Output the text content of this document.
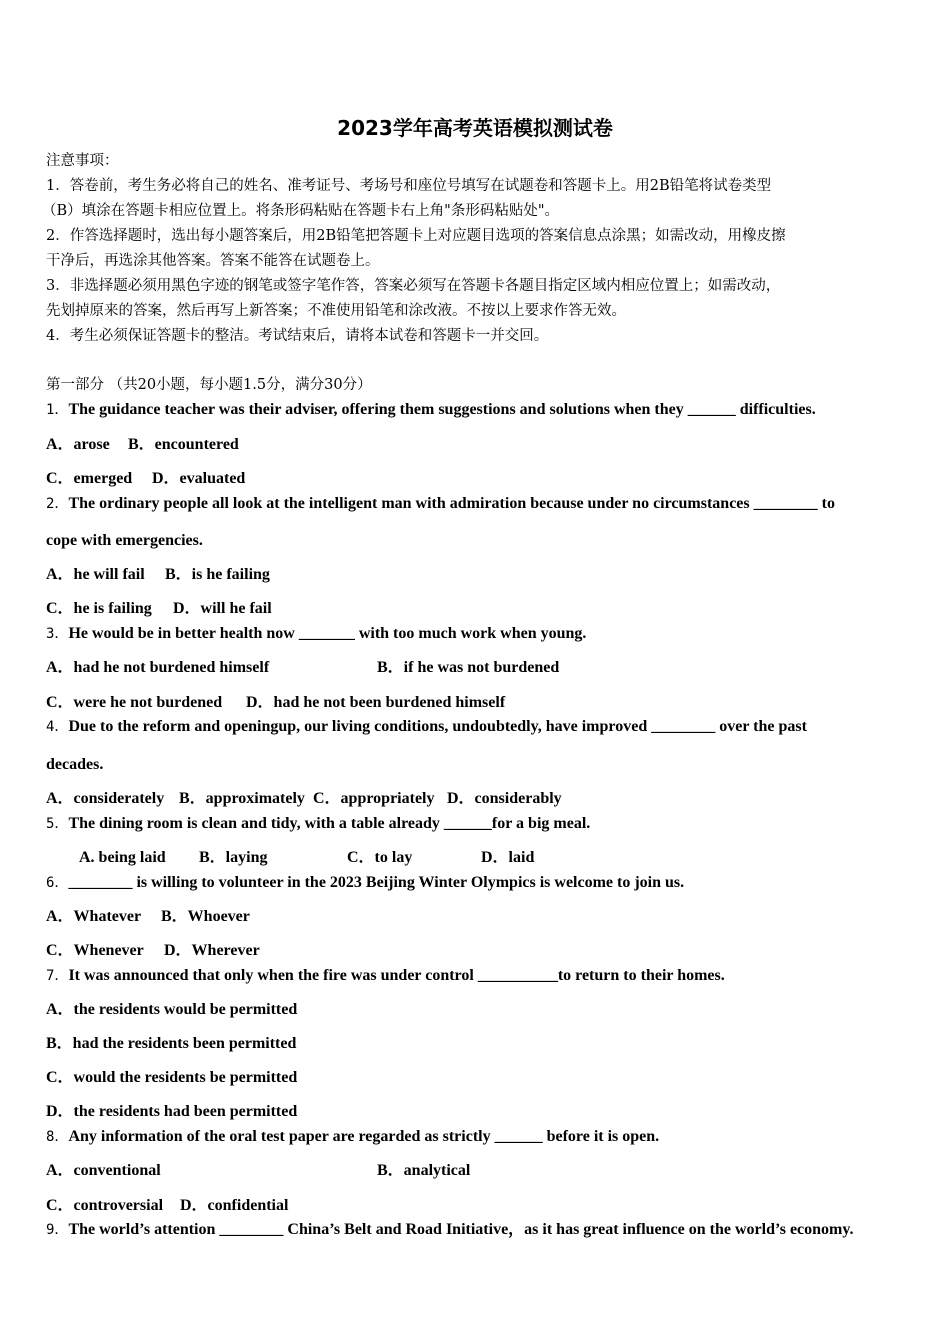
2023学年高考英语模拟测试卷
注意事项：
1．答卷前，考生务必将自己的姓名、准考证号、考场号和座位号填写在试题卷和答题卡上。用2B铅笔将试卷类型
（B）填涂在答题卡相应位置上。将条形码粘贴在答题卡右上角"条形码粘贴处"。
2．作答选择题时，选出每小题答案后，用2B铅笔把答题卡上对应题目选项的答案信息点涂黑；如需改动，用橡皮擦
干净后，再选涂其他答案。答案不能答在试题卷上。
3．非选择题必须用黑色字迹的钢笔或签字笔作答，答案必须写在答题卡各题目指定区域内相应位置上；如需改动，
先划掉原来的答案，然后再写上新答案；不准使用铅笔和涂改液。不按以上要求作答无效。
4．考生必须保证答题卡的整洁。考试结束后，请将本试卷和答题卡一并交回。
第一部分 （共20小题，每小题1.5分，满分30分）
1．The guidance teacher was their adviser, offering them suggestions and solutions when they ______ difficulties.
A．arose B．encountered
C．emerged D．evaluated
2．The ordinary people all look at the intelligent man with admiration because under no circumstances ________ to
cope with emergencies.
A．he will fail B．is he failing
C．he is failing D．will he fail
3．He would be in better health now _______ with too much work when young.
A．had he not burdened himself	B．if he was not burdened
C．were he not burdened D．had he not been burdened himself
4．Due to the reform and openingup, our living conditions, undoubtedly, have improved ________ over the past
decades.
A．considerately B．approximately C．appropriately D．considerably
5．The dining room is clean and tidy, with a table already ______for a big meal.
A. being laid B．laying	C．to lay	D．laid
6．________ is willing to volunteer in the 2023 Beijing Winter Olympics is welcome to join us.
A．Whatever B．Whoever
C．Whenever D．Wherever
7．It was announced that only when the fire was under control __________to return to their homes.
A．the residents would be permitted
B．had the residents been permitted
C．would the residents be permitted
D．the residents had been permitted
8．Any information of the oral test paper are regarded as strictly ______ before it is open.
A．conventional	B．analytical
C．controversial D．confidential
9．The world’s attention ________ China’s Belt and Road Initiative，as it has great influence on the world’s economy.
